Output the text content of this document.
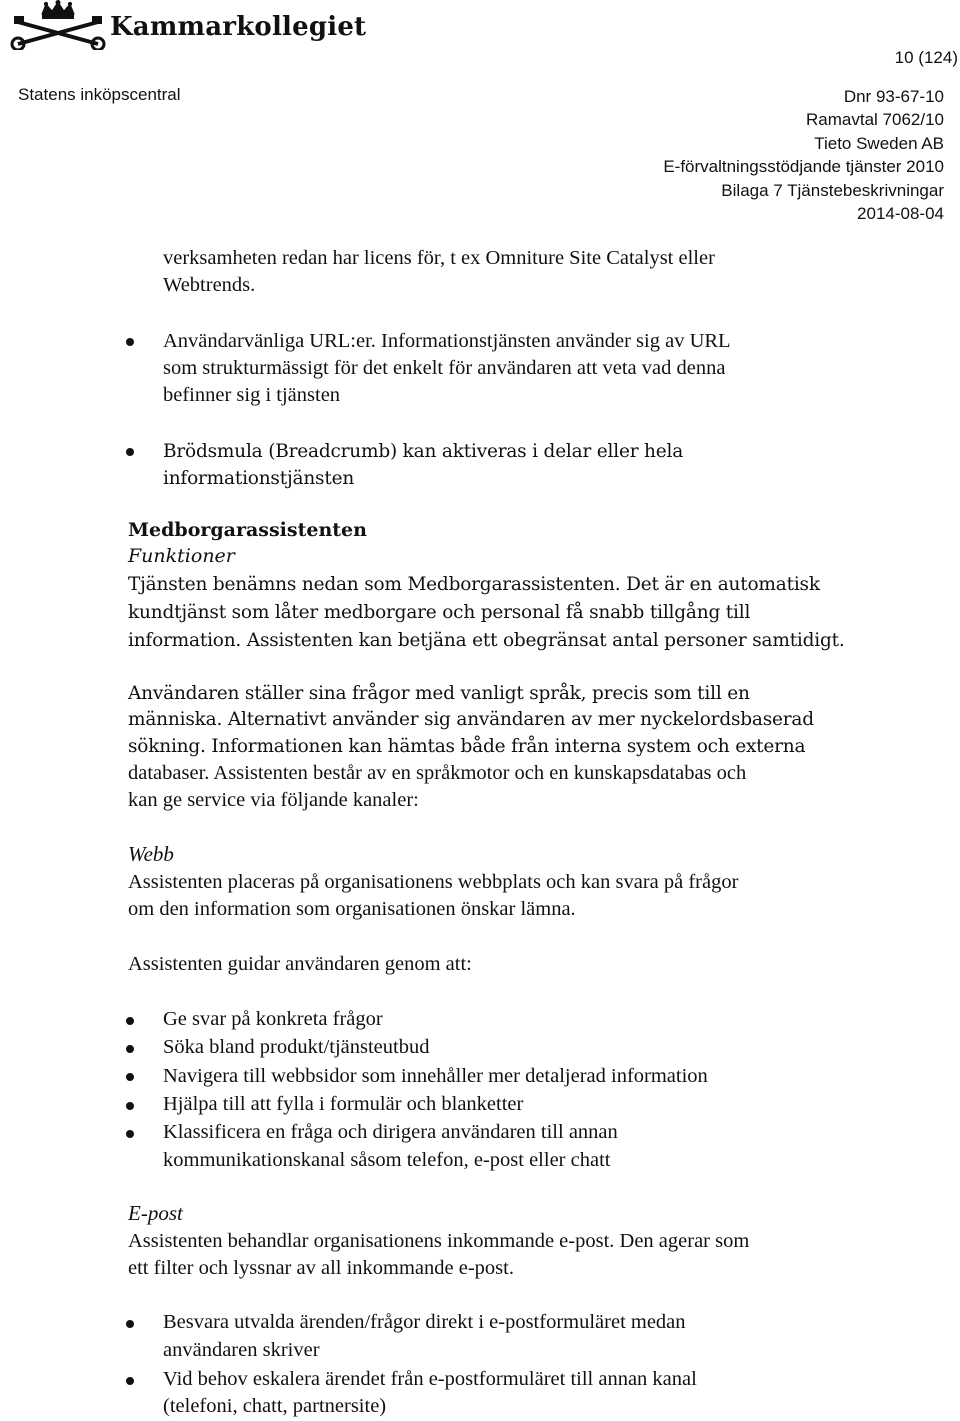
Kammarkollegiet
10 (124)
Statens inköpscentral	Dnr 93-67-10
Ramavtal 7062/10
Tieto Sweden AB
E-förvaltningsstödjande tjänster 2010
Bilaga 7 Tjänstebeskrivningar
2014-08-04

verksamheten redan har licens för, t ex Omniture Site Catalyst eller

Webtrends.

Användarvänliga URL:er. Informationstjänsten använder sig av URL

som strukturmässigt för det enkelt för användaren att veta vad denna

befinner sig i tjänsten

Brödsmula (Breadcrumb) kan aktiveras i delar eller hela

informationstjänsten

Medborgarassistenten

Funktioner

Tjänsten benämns nedan som Medborgarassistenten. Det är en automatisk

kundtjänst som låter medborgare och personal få snabb tillgång till

information. Assistenten kan betjäna ett obegränsat antal personer samtidigt.

Användaren ställer sina frågor med vanligt språk, precis som till en

människa. Alternativt använder sig användaren av mer nyckelordsbaserad

sökning. Informationen kan hämtas både från interna system och externa

databaser. Assistenten består av en språkmotor och en kunskapsdatabas och

kan ge service via följande kanaler:

Webb

Assistenten placeras på organisationens webbplats och kan svara på frågor

om den information som organisationen önskar lämna.

Assistenten guidar användaren genom att:

Ge svar på konkreta frågor

Söka bland produkt/tjänsteutbud

Navigera till webbsidor som innehåller mer detaljerad information

Hjälpa till att fylla i formulär och blanketter

Klassificera en fråga och dirigera användaren till annan

kommunikationskanal såsom telefon, e-post eller chatt

E-post

Assistenten behandlar organisationens inkommande e-post. Den agerar som

ett filter och lyssnar av all inkommande e-post.

Besvara utvalda ärenden/frågor direkt i e-postformuläret medan

användaren skriver

Vid behov eskalera ärendet från e-postformuläret till annan kanal

(telefoni, chatt, partnersite)
